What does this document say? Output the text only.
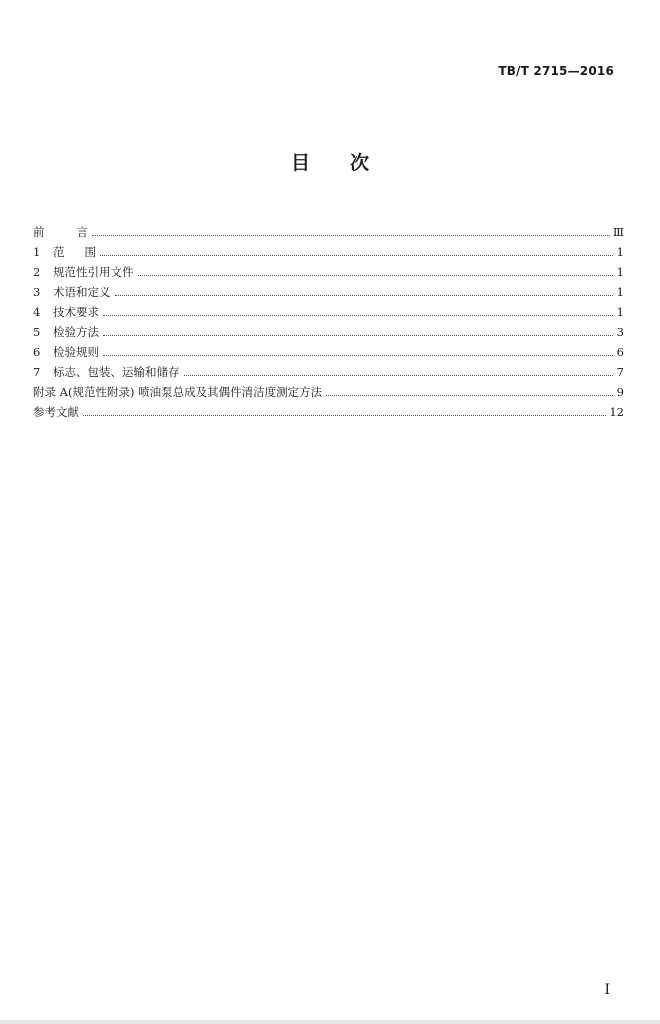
TB/T 2715—2016
目 次
前	言	Ⅲ
1	范 围	1
2	规范性引用文件	1
3	术语和定义	1
4	技术要求	1
5	检验方法	3
6	检验规则	6
7	标志、包装、运输和储存	7
附录 A(规范性附录) 喷油泵总成及其偶件清洁度测定方法	9
参考文献	12
I
